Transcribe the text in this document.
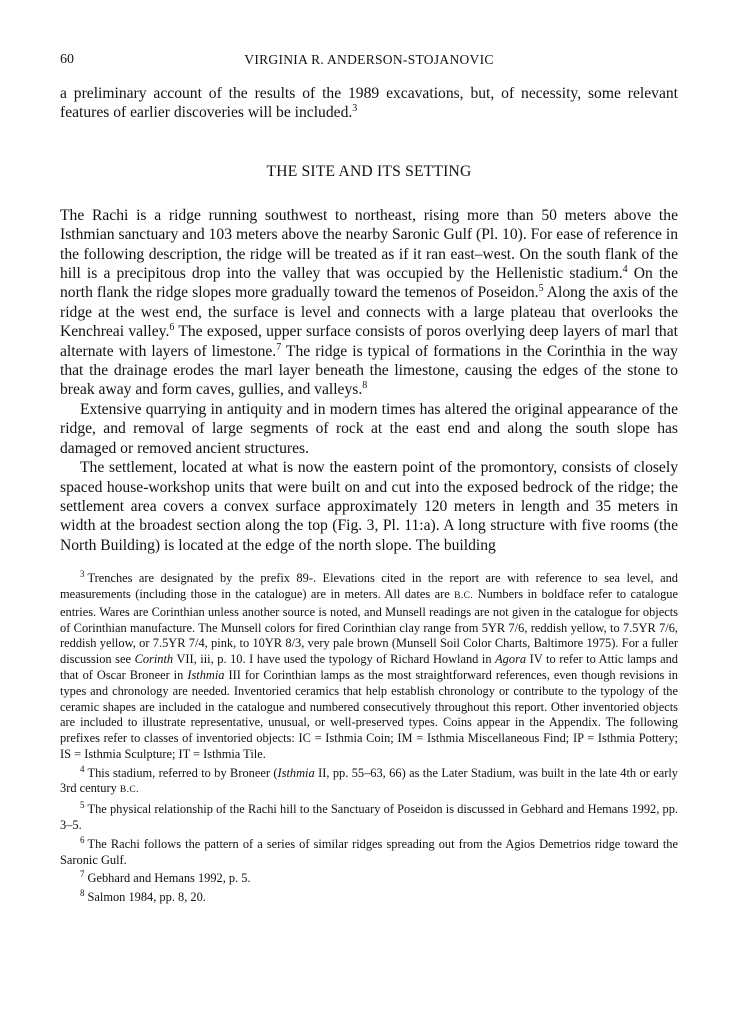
60	VIRGINIA R. ANDERSON-STOJANOVIC

a preliminary account of the results of the 1989 excavations, but, of necessity, some relevant features of earlier discoveries will be included.$^3$

THE SITE AND ITS SETTING

The Rachi is a ridge running southwest to northeast, rising more than 50 meters above the Isthmian sanctuary and 103 meters above the nearby Saronic Gulf (Pl. 10). For ease of reference in the following description, the ridge will be treated as if it ran east–west. On the south flank of the hill is a precipitous drop into the valley that was occupied by the Hellenistic stadium.$^4$ On the north flank the ridge slopes more gradually toward the temenos of Poseidon.$^5$ Along the axis of the ridge at the west end, the surface is level and connects with a large plateau that overlooks the Kenchreai valley.$^6$ The exposed, upper surface consists of poros overlying deep layers of marl that alternate with layers of limestone.$^7$ The ridge is typical of formations in the Corinthia in the way that the drainage erodes the marl layer beneath the limestone, causing the edges of the stone to break away and form caves, gullies, and valleys.$^8$

Extensive quarrying in antiquity and in modern times has altered the original appearance of the ridge, and removal of large segments of rock at the east end and along the south slope has damaged or removed ancient structures.

The settlement, located at what is now the eastern point of the promontory, consists of closely spaced house-workshop units that were built on and cut into the exposed bedrock of the ridge; the settlement area covers a convex surface approximately 120 meters in length and 35 meters in width at the broadest section along the top (Fig. 3, Pl. 11:a). A long structure with five rooms (the North Building) is located at the edge of the north slope. The building

$^3$ Trenches are designated by the prefix 89-. Elevations cited in the report are with reference to sea level, and measurements (including those in the catalogue) are in meters. All dates are B.C. Numbers in boldface refer to catalogue entries. Wares are Corinthian unless another source is noted, and Munsell readings are not given in the catalogue for objects of Corinthian manufacture. The Munsell colors for fired Corinthian clay range from 5YR 7/6, reddish yellow, to 7.5YR 7/6, reddish yellow, or 7.5YR 7/4, pink, to 10YR 8/3, very pale brown (Munsell Soil Color Charts, Baltimore 1975). For a fuller discussion see Corinth VII, iii, p. 10. I have used the typology of Richard Howland in Agora IV to refer to Attic lamps and that of Oscar Broneer in Isthmia III for Corinthian lamps as the most straightforward references, even though revisions in types and chronology are needed. Inventoried ceramics that help establish chronology or contribute to the typology of the ceramic shapes are included in the catalogue and numbered consecutively throughout this report. Other inventoried objects are included to illustrate representative, unusual, or well-preserved types. Coins appear in the Appendix. The following prefixes refer to classes of inventoried objects: IC = Isthmia Coin; IM = Isthmia Miscellaneous Find; IP = Isthmia Pottery; IS = Isthmia Sculpture; IT = Isthmia Tile.

$^4$ This stadium, referred to by Broneer (Isthmia II, pp. 55–63, 66) as the Later Stadium, was built in the late 4th or early 3rd century B.C.

$^5$ The physical relationship of the Rachi hill to the Sanctuary of Poseidon is discussed in Gebhard and Hemans 1992, pp. 3–5.

$^6$ The Rachi follows the pattern of a series of similar ridges spreading out from the Agios Demetrios ridge toward the Saronic Gulf.

$^7$ Gebhard and Hemans 1992, p. 5.

$^8$ Salmon 1984, pp. 8, 20.
